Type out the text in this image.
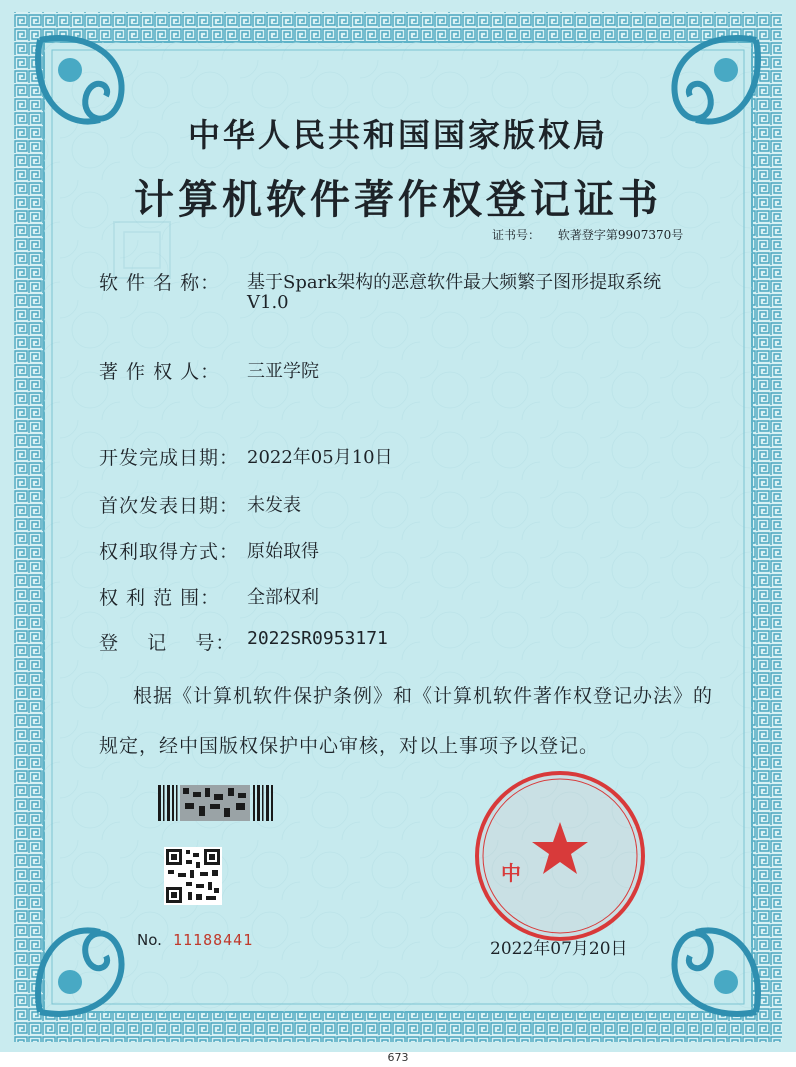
中
中华人民共和国国家版权局
计算机软件著作权登记证书
证书号： 软著登字第9907370号
软 件 名 称： 基于Spark架构的恶意软件最大频繁子图形提取系统
V1.0
著 作 权 人： 三亚学院
开发完成日期： 2022年05月10日
首次发表日期： 未发表
权利取得方式： 原始取得
权 利 范 围： 全部权利
登    记    号： 2022SR0953171
根据《计算机软件保护条例》和《计算机软件著作权登记办法》的
规定，经中国版权保护中心审核，对以上事项予以登记。
No. 11188441	2022年07月20日
673
